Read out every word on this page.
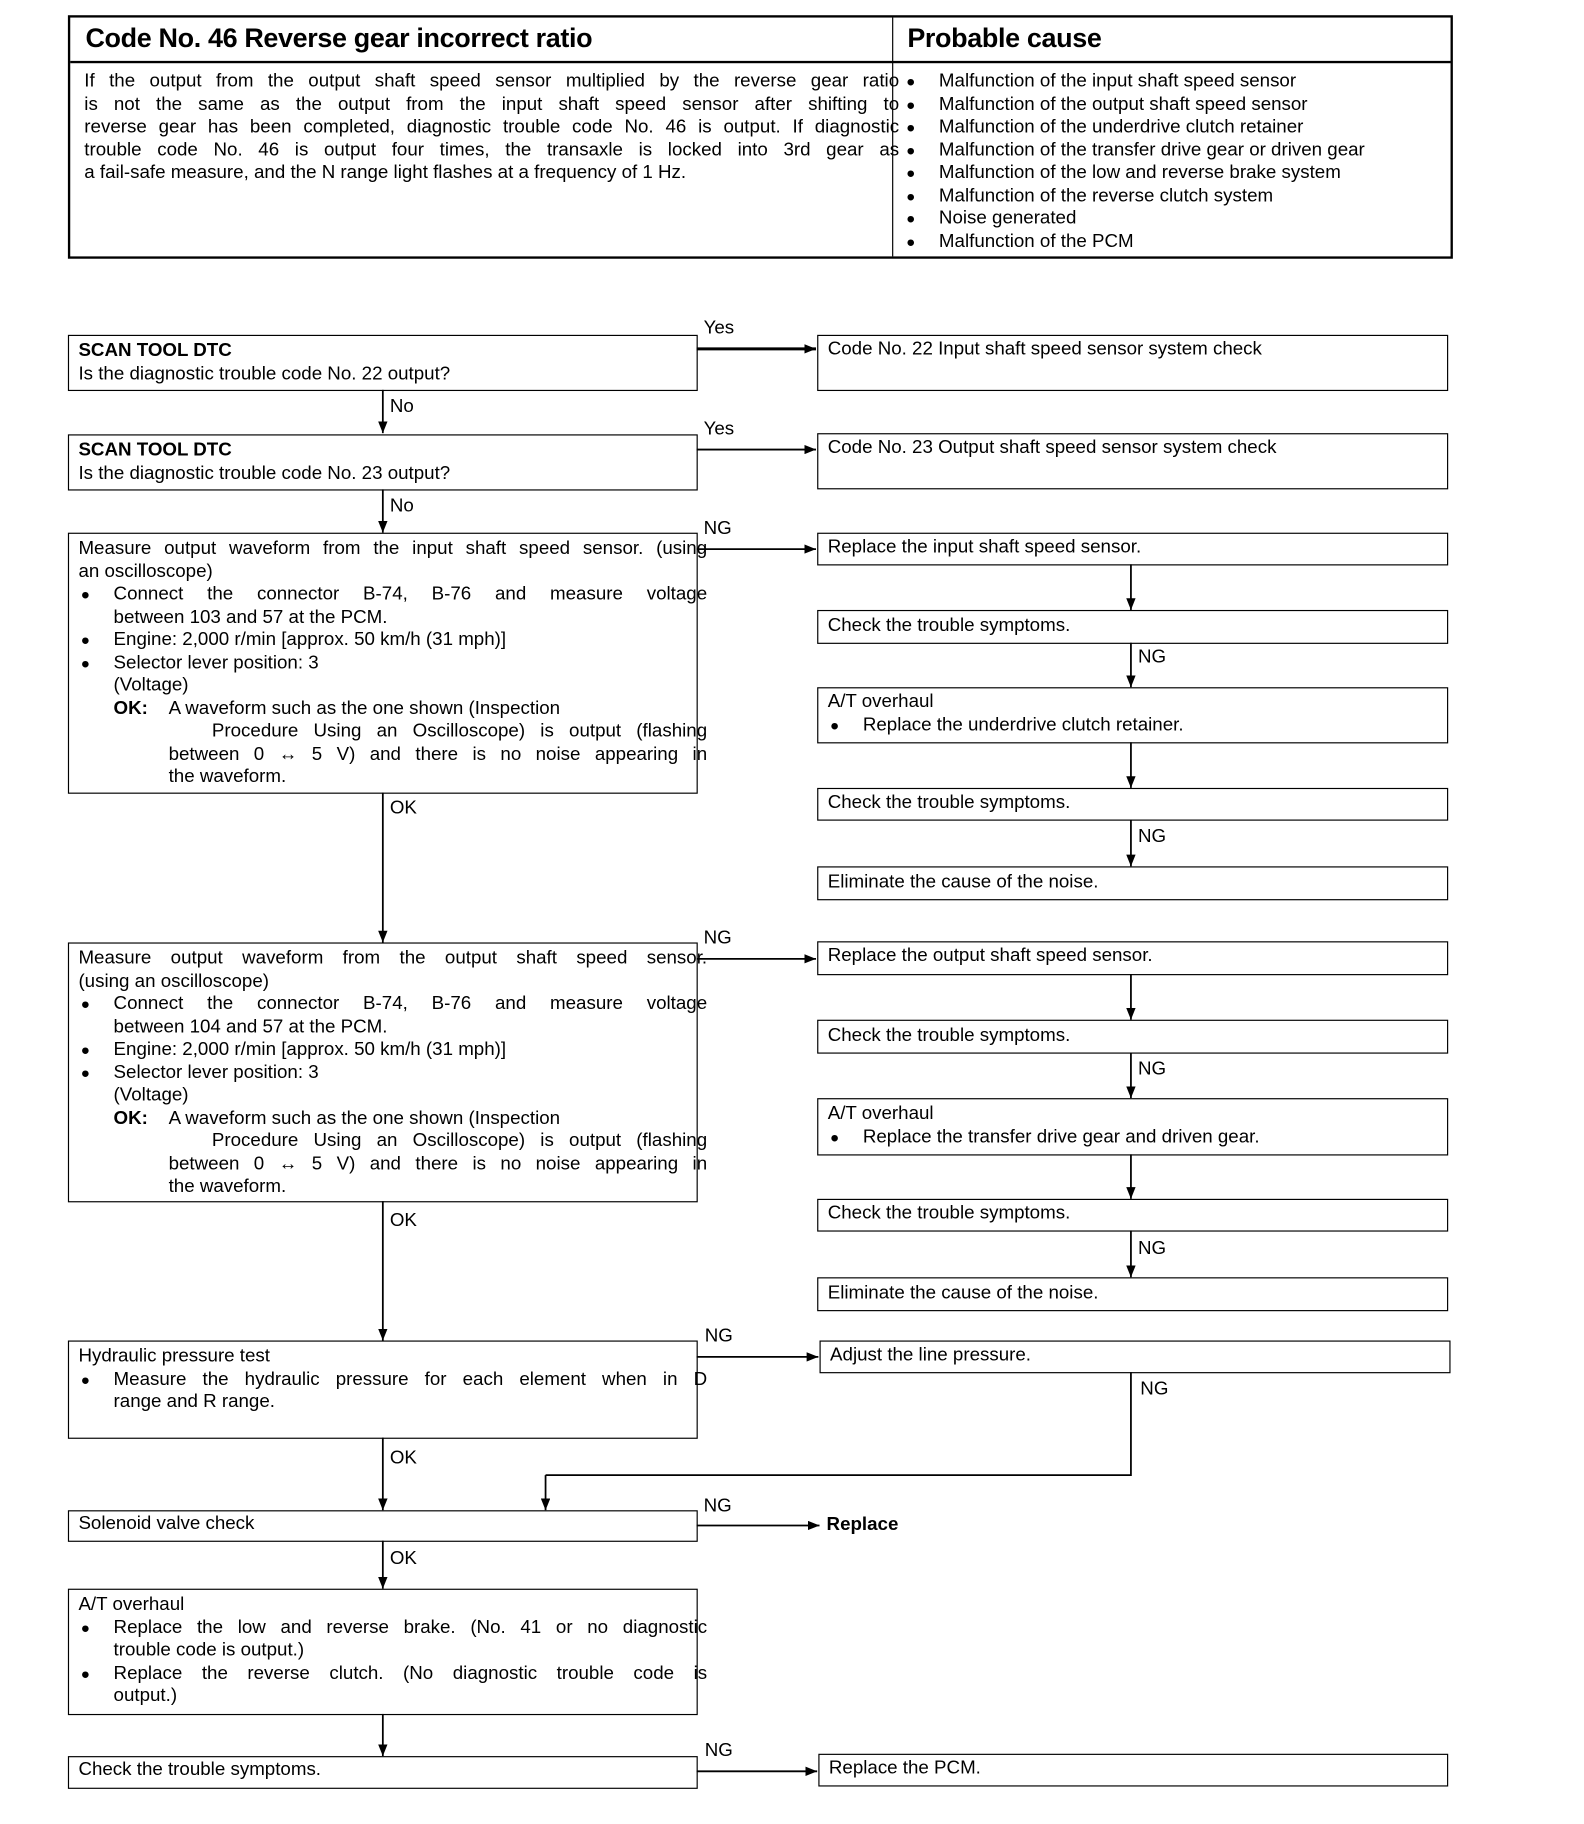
Code No. 46 Reverse gear incorrect ratio	Probable cause
If the output from the output shaft speed sensor multiplied by the reverse gear ratio
is not the same as the output from the input shaft speed sensor after shifting to
reverse gear has been completed, diagnostic trouble code No. 46 is output. If diagnostic
trouble code No. 46 is output four times, the transaxle is locked into 3rd gear as
a fail-safe measure, and the N range light flashes at a frequency of 1 Hz.
● Malfunction of the input shaft speed sensor
● Malfunction of the output shaft speed sensor
● Malfunction of the underdrive clutch retainer
● Malfunction of the transfer drive gear or driven gear
● Malfunction of the low and reverse brake system
● Malfunction of the reverse clutch system
● Noise generated
● Malfunction of the PCM
Yes
Yes
No
No
NG
NG
NG
NG
NG
OK
OK
OK
OK
NG
NG
NG
NG
NG
SCAN TOOL DTC
Is the diagnostic trouble code No. 22 output?
SCAN TOOL DTC
Is the diagnostic trouble code No. 23 output?
Measure output waveform from the input shaft speed sensor. (using
an oscilloscope)
● Connect the connector B-74, B-76 and measure voltage
between 103 and 57 at the PCM.
● Engine: 2,000 r/min [approx. 50 km/h (31 mph)]
● Selector lever position: 3
(Voltage)
OK: A waveform such as the one shown (Inspection
Procedure Using an Oscilloscope) is output (flashing
between 0 ↔ 5 V) and there is no noise appearing in
the waveform.
Measure output waveform from the output shaft speed sensor.
(using an oscilloscope)
● Connect the connector B-74, B-76 and measure voltage
between 104 and 57 at the PCM.
● Engine: 2,000 r/min [approx. 50 km/h (31 mph)]
● Selector lever position: 3
(Voltage)
OK: A waveform such as the one shown (Inspection
Procedure Using an Oscilloscope) is output (flashing
between 0 ↔ 5 V) and there is no noise appearing in
the waveform.
Hydraulic pressure test
● Measure the hydraulic pressure for each element when in D
range and R range.
Solenoid valve check
A/T overhaul
● Replace the low and reverse brake. (No. 41 or no diagnostic
trouble code is output.)
● Replace the reverse clutch. (No diagnostic trouble code is
output.)
Check the trouble symptoms.
Code No. 22 Input shaft speed sensor system check
Code No. 23 Output shaft speed sensor system check
Replace the input shaft speed sensor.
Check the trouble symptoms.
A/T overhaul
● Replace the underdrive clutch retainer.
Check the trouble symptoms.
Eliminate the cause of the noise.
Replace the output shaft speed sensor.
Check the trouble symptoms.
A/T overhaul
● Replace the transfer drive gear and driven gear.
Check the trouble symptoms.
Eliminate the cause of the noise.
Adjust the line pressure.
Replace
Replace the PCM.
